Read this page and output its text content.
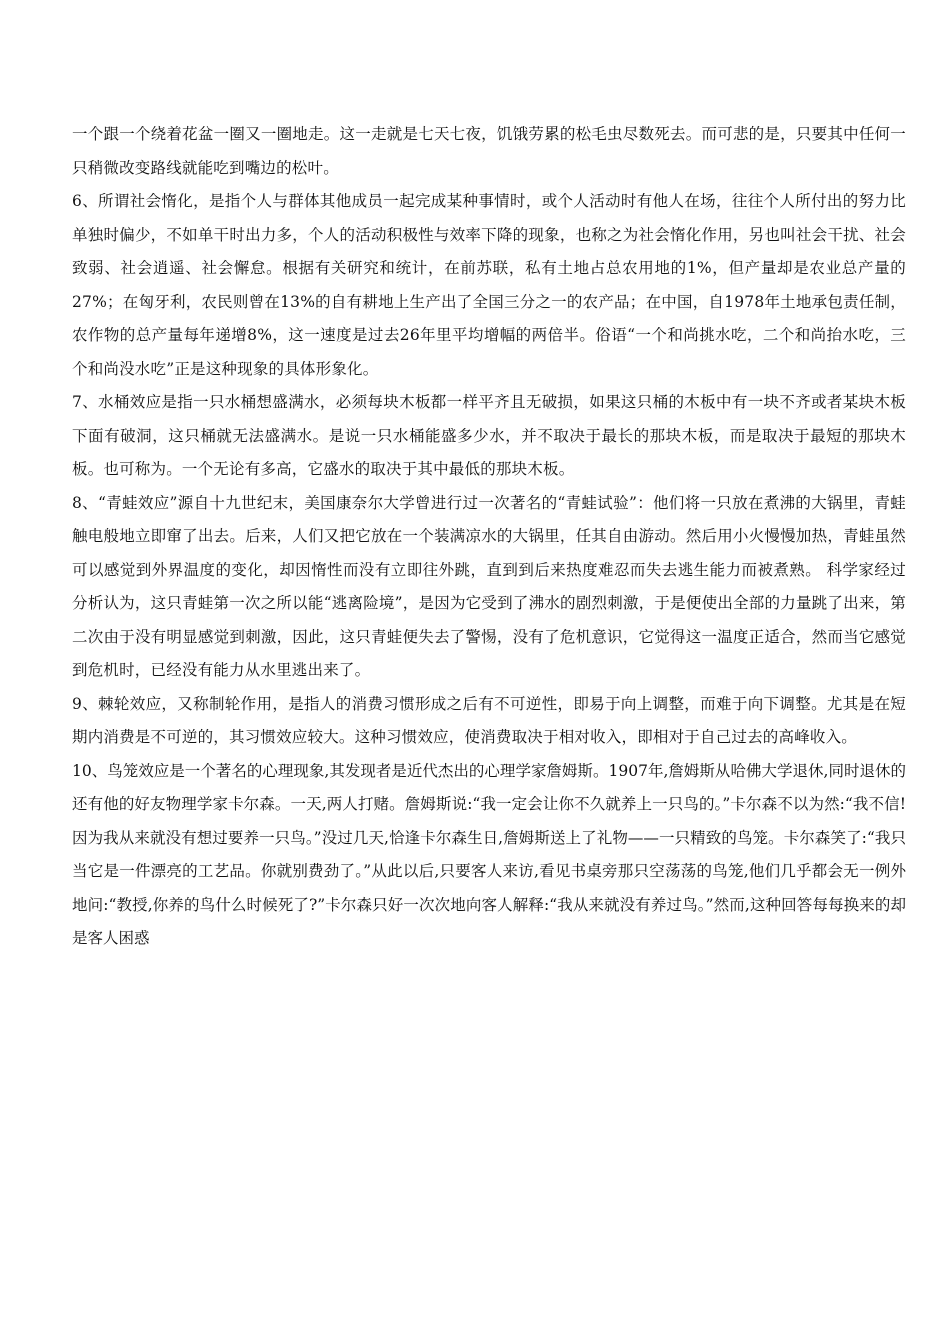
一个跟一个绕着花盆一圈又一圈地走。这一走就是七天七夜，饥饿劳累的松毛虫尽数死去。而可悲的是，只要其中任何一只稍微改变路线就能吃到嘴边的松叶。

6、所谓社会惰化，是指个人与群体其他成员一起完成某种事情时，或个人活动时有他人在场，往往个人所付出的努力比单独时偏少，不如单干时出力多，个人的活动积极性与效率下降的现象，也称之为社会惰化作用，另也叫社会干扰、社会致弱、社会逍遥、社会懈怠。根据有关研究和统计，在前苏联，私有土地占总农用地的1%，但产量却是农业总产量的27%；在匈牙利，农民则曾在13%的自有耕地上生产出了全国三分之一的农产品；在中国，自1978年土地承包责任制，农作物的总产量每年递增8%，这一速度是过去26年里平均增幅的两倍半。俗语“一个和尚挑水吃，二个和尚抬水吃，三个和尚没水吃”正是这种现象的具体形象化。

7、水桶效应是指一只水桶想盛满水，必须每块木板都一样平齐且无破损，如果这只桶的木板中有一块不齐或者某块木板下面有破洞，这只桶就无法盛满水。是说一只水桶能盛多少水，并不取决于最长的那块木板，而是取决于最短的那块木板。也可称为。一个无论有多高，它盛水的取决于其中最低的那块木板。

8、“青蛙效应”源自十九世纪末，美国康奈尔大学曾进行过一次著名的“青蛙试验”：他们将一只放在煮沸的大锅里，青蛙触电般地立即窜了出去。后来，人们又把它放在一个装满凉水的大锅里，任其自由游动。然后用小火慢慢加热，青蛙虽然可以感觉到外界温度的变化，却因惰性而没有立即往外跳，直到到后来热度难忍而失去逃生能力而被煮熟。 科学家经过分析认为，这只青蛙第一次之所以能“逃离险境”，是因为它受到了沸水的剧烈刺激，于是便使出全部的力量跳了出来，第二次由于没有明显感觉到刺激，因此，这只青蛙便失去了警惕，没有了危机意识，它觉得这一温度正适合，然而当它感觉到危机时，已经没有能力从水里逃出来了。

9、棘轮效应，又称制轮作用，是指人的消费习惯形成之后有不可逆性，即易于向上调整，而难于向下调整。尤其是在短期内消费是不可逆的，其习惯效应较大。这种习惯效应，使消费取决于相对收入，即相对于自己过去的高峰收入。

10、鸟笼效应是一个著名的心理现象,其发现者是近代杰出的心理学家詹姆斯。1907年,詹姆斯从哈佛大学退休,同时退休的还有他的好友物理学家卡尔森。一天,两人打赌。詹姆斯说:“我一定会让你不久就养上一只鸟的。”卡尔森不以为然:“我不信!因为我从来就没有想过要养一只鸟。”没过几天,恰逢卡尔森生日,詹姆斯送上了礼物——一只精致的鸟笼。卡尔森笑了:“我只当它是一件漂亮的工艺品。你就别费劲了。”从此以后,只要客人来访,看见书桌旁那只空荡荡的鸟笼,他们几乎都会无一例外地问:“教授,你养的鸟什么时候死了?”卡尔森只好一次次地向客人解释:“我从来就没有养过鸟。”然而,这种回答每每换来的却是客人困惑
